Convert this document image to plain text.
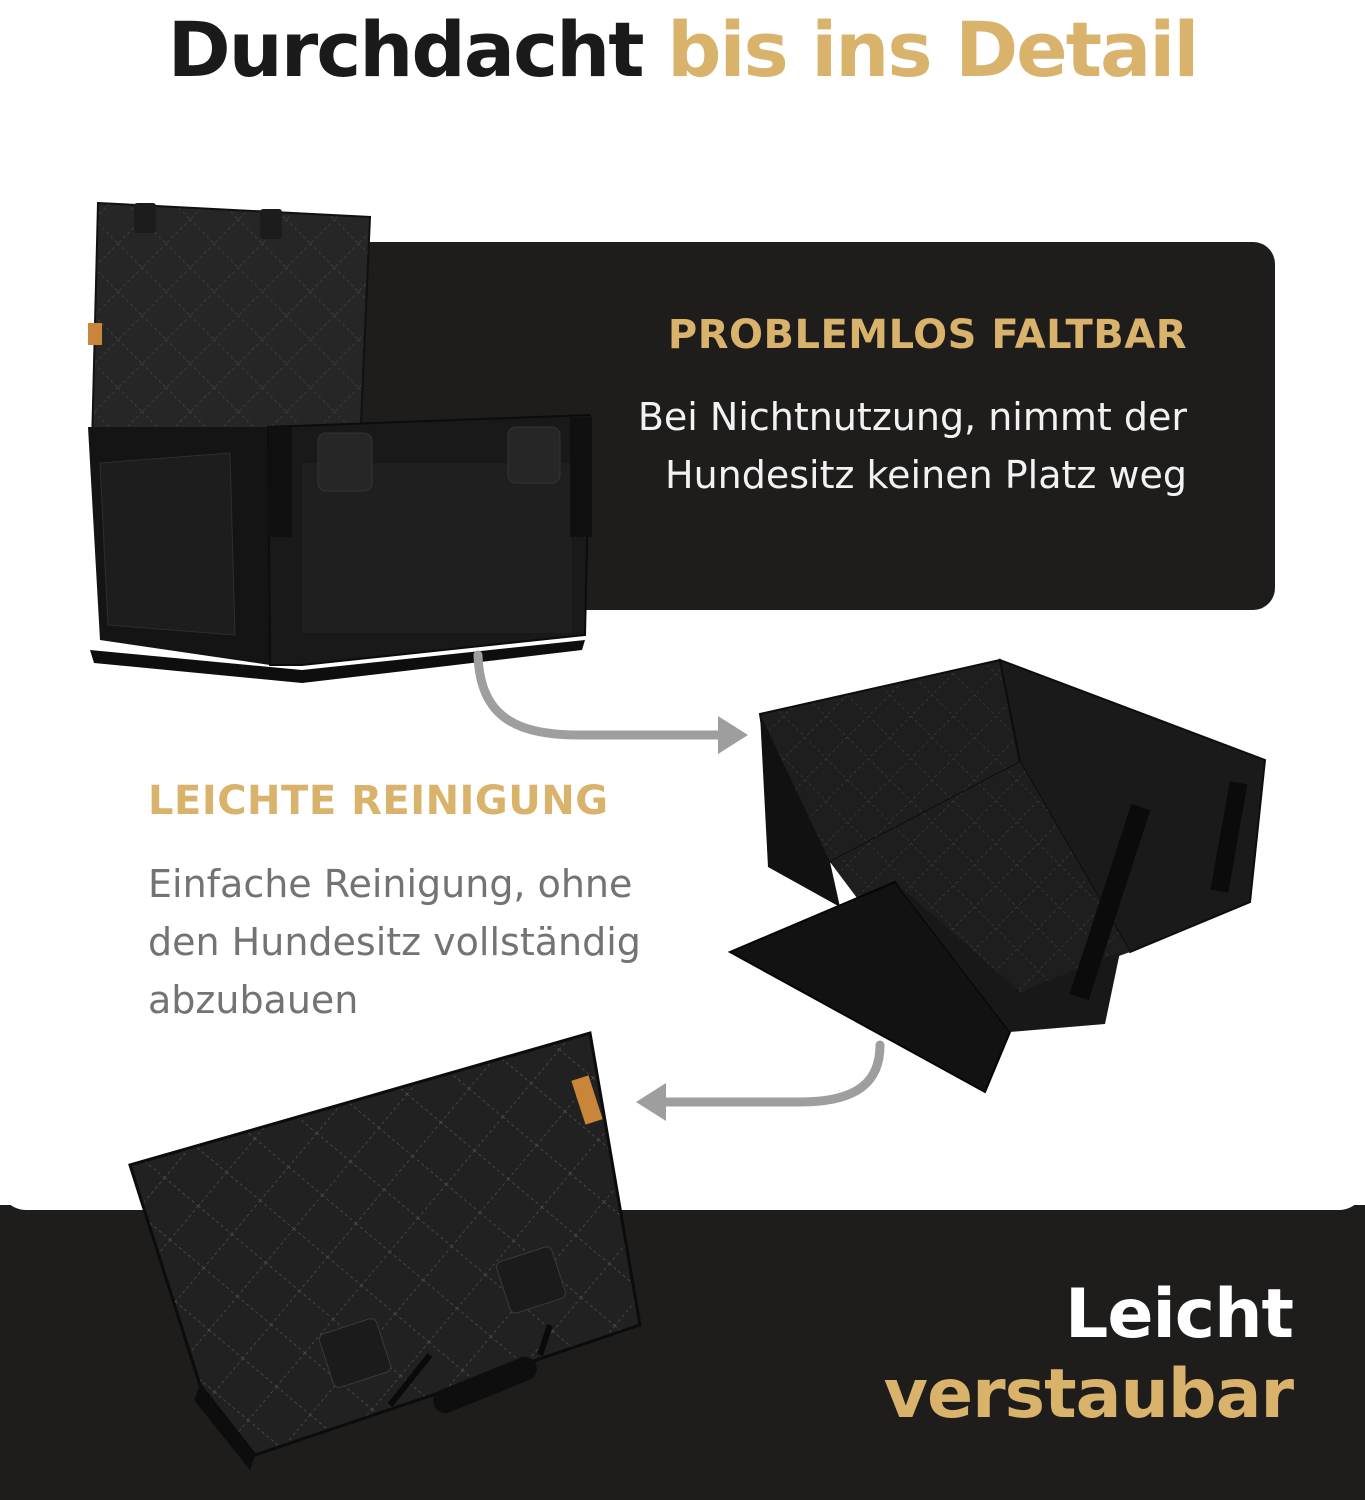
Durchdacht bis ins Detail
PROBLEMLOS FALTBAR
Bei Nichtnutzung, nimmt der Hundesitz keinen Platz weg
LEICHTE REINIGUNG
Einfache Reinigung, ohne den Hundesitz vollständig abzubauen
Leicht
verstaubar
